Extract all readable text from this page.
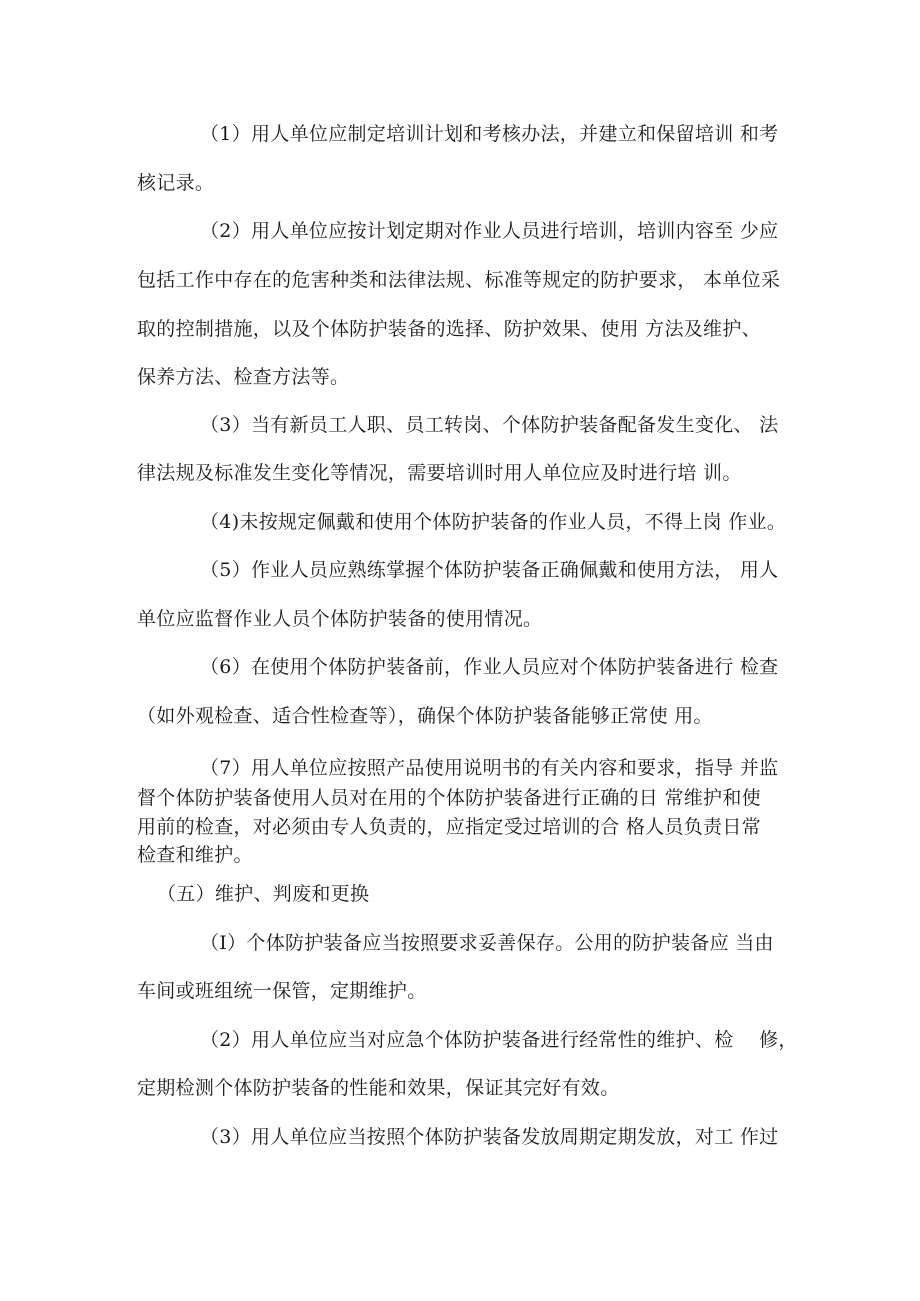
（1）用人单位应制定培训计划和考核办法，并建立和保留培训 和考
核记录。
（2）用人单位应按计划定期对作业人员进行培训，培训内容至 少应
包括工作中存在的危害种类和法律法规、标准等规定的防护要求， 本单位采
取的控制措施，以及个体防护装备的选择、防护效果、使用 方法及维护、
保养方法、检查方法等。
（3）当有新员工人职、员工转岗、个体防护装备配备发生变化、 法
律法规及标准发生变化等情况，需要培训时用人单位应及时进行培 训。
（4)未按规定佩戴和使用个体防护装备的作业人员，不得上岗 作业。
（5）作业人员应熟练掌握个体防护装备正确佩戴和使用方法， 用人
单位应监督作业人员个体防护装备的使用情况。
（6）在使用个体防护装备前，作业人员应对个体防护装备进行 检查
（如外观检查、适合性检查等），确保个体防护装备能够正常使 用。
（7）用人单位应按照产品使用说明书的有关内容和要求，指导 并监
督个体防护装备使用人员对在用的个体防护装备进行正确的日 常维护和使
用前的检查，对必须由专人负责的，应指定受过培训的合 格人员负责日常
检查和维护。
（五）维护、判废和更换
（I）个体防护装备应当按照要求妥善保存。公用的防护装备应 当由
车间或班组统一保管，定期维护。
（2）用人单位应当对应急个体防护装备进行经常性的维护、检　 修，
定期检测个体防护装备的性能和效果，保证其完好有效。
（3）用人单位应当按照个体防护装备发放周期定期发放，对工 作过
